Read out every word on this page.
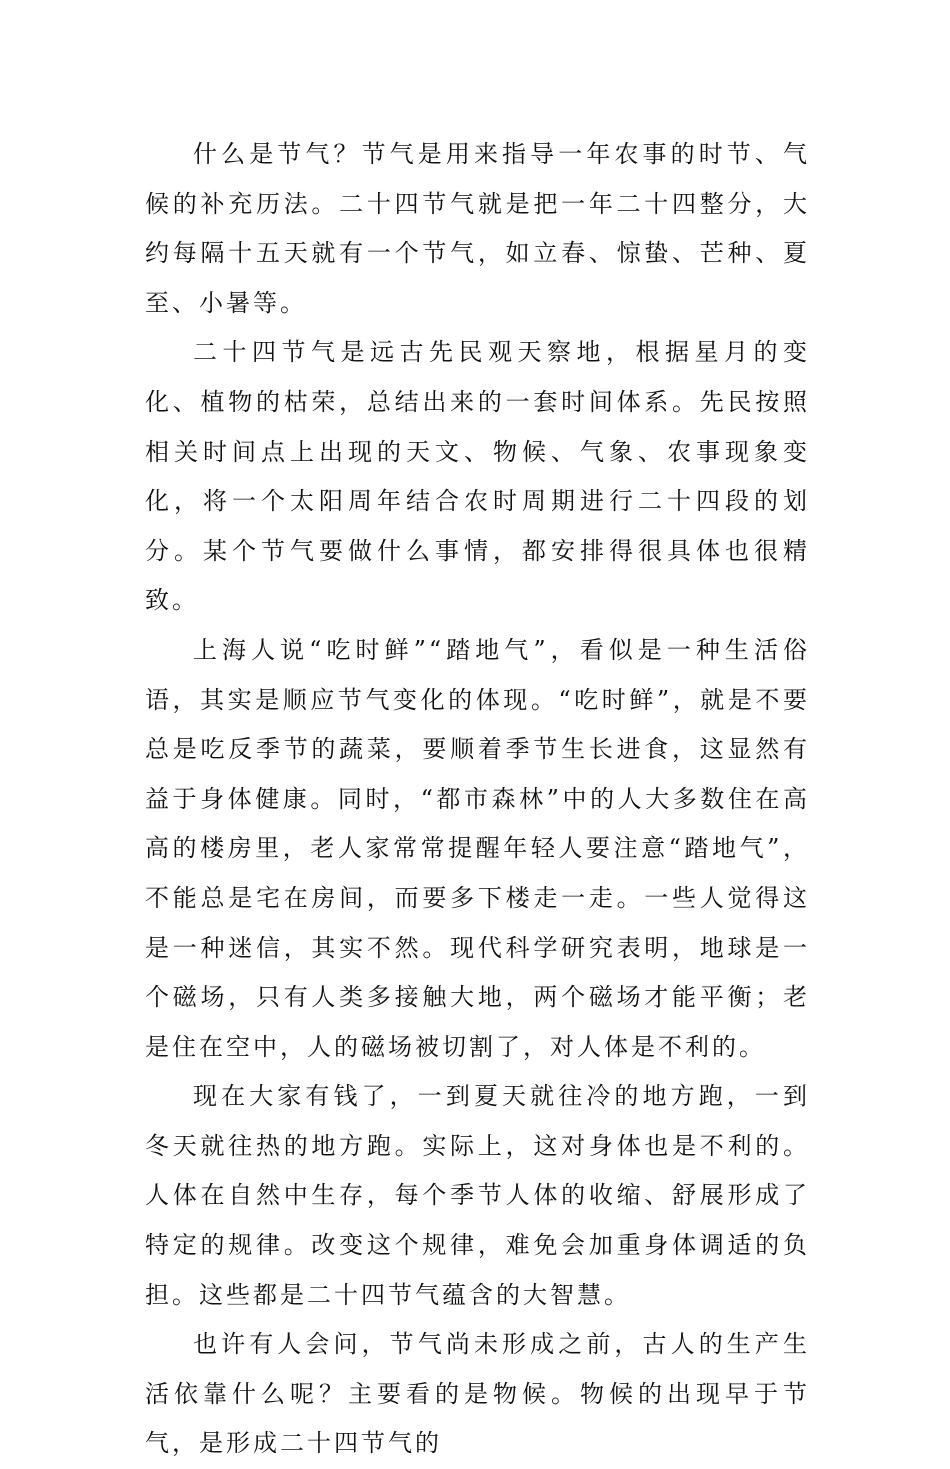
什么是节气？节气是用来指导一年农事的时节、气候的补充历法。二十四节气就是把一年二十四整分，大约每隔十五天就有一个节气，如立春、惊蛰、芒种、夏至、小暑等。

二十四节气是远古先民观天察地，根据星月的变化、植物的枯荣，总结出来的一套时间体系。先民按照相关时间点上出现的天文、物候、气象、农事现象变化，将一个太阳周年结合农时周期进行二十四段的划分。某个节气要做什么事情，都安排得很具体也很精致。

上海人说“吃时鲜”“踏地气”，看似是一种生活俗语，其实是顺应节气变化的体现。“吃时鲜”，就是不要总是吃反季节的蔬菜，要顺着季节生长进食，这显然有益于身体健康。同时，“都市森林”中的人大多数住在高高的楼房里，老人家常常提醒年轻人要注意“踏地气”，不能总是宅在房间，而要多下楼走一走。一些人觉得这是一种迷信，其实不然。现代科学研究表明，地球是一个磁场，只有人类多接触大地，两个磁场才能平衡；老是住在空中，人的磁场被切割了，对人体是不利的。

现在大家有钱了，一到夏天就往冷的地方跑，一到冬天就往热的地方跑。实际上，这对身体也是不利的。人体在自然中生存，每个季节人体的收缩、舒展形成了特定的规律。改变这个规律，难免会加重身体调适的负担。这些都是二十四节气蕴含的大智慧。

也许有人会问，节气尚未形成之前，古人的生产生活依靠什么呢？主要看的是物候。物候的出现早于节气，是形成二十四节气的
